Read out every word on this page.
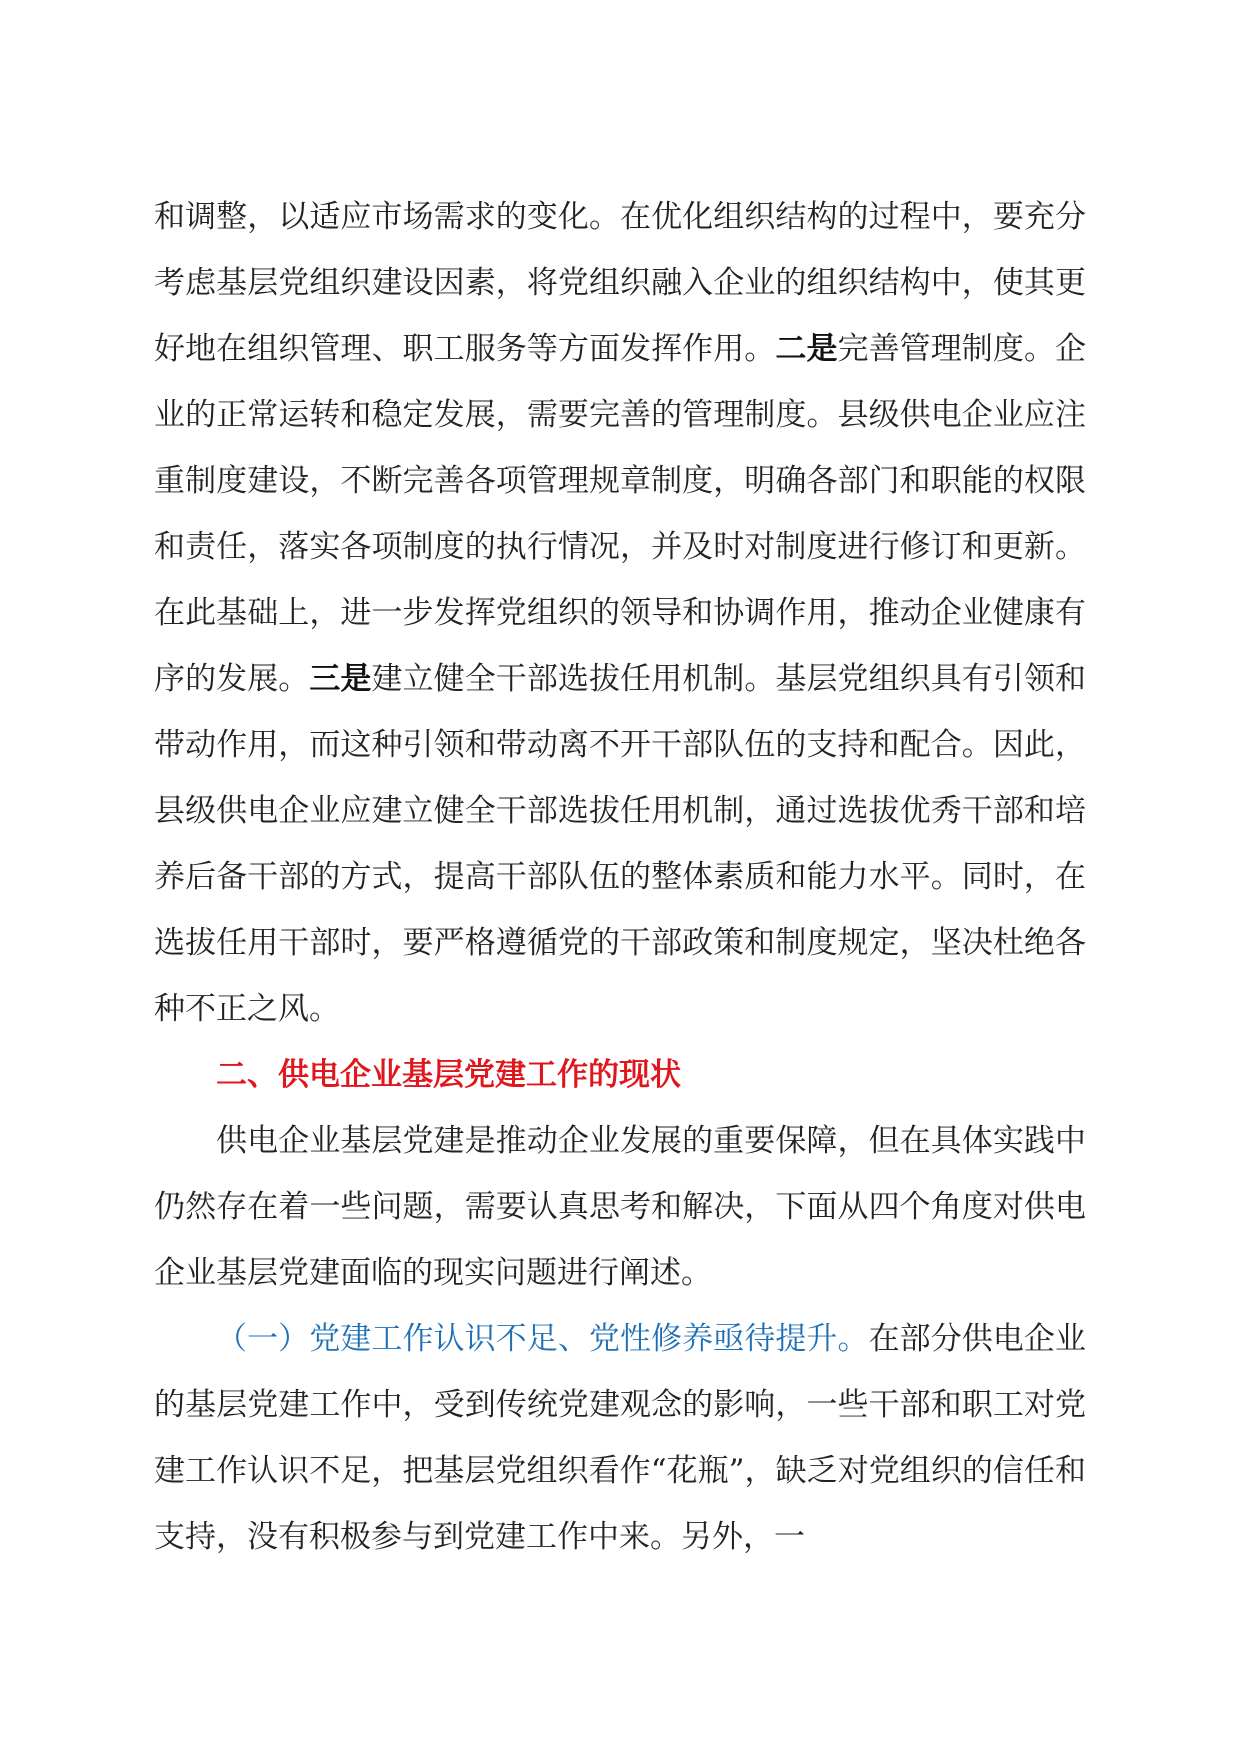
和调整，以适应市场需求的变化。在优化组织结构的过程中，要充分考虑基层党组织建设因素，将党组织融入企业的组织结构中，使其更好地在组织管理、职工服务等方面发挥作用。二是完善管理制度。企业的正常运转和稳定发展，需要完善的管理制度。县级供电企业应注重制度建设，不断完善各项管理规章制度，明确各部门和职能的权限和责任，落实各项制度的执行情况，并及时对制度进行修订和更新。在此基础上，进一步发挥党组织的领导和协调作用，推动企业健康有序的发展。三是建立健全干部选拔任用机制。基层党组织具有引领和带动作用，而这种引领和带动离不开干部队伍的支持和配合。因此，县级供电企业应建立健全干部选拔任用机制，通过选拔优秀干部和培养后备干部的方式，提高干部队伍的整体素质和能力水平。同时，在选拔任用干部时，要严格遵循党的干部政策和制度规定，坚决杜绝各种不正之风。

二、供电企业基层党建工作的现状

供电企业基层党建是推动企业发展的重要保障，但在具体实践中仍然存在着一些问题，需要认真思考和解决，下面从四个角度对供电企业基层党建面临的现实问题进行阐述。

（一）党建工作认识不足、党性修养亟待提升。在部分供电企业的基层党建工作中，受到传统党建观念的影响，一些干部和职工对党建工作认识不足，把基层党组织看作“花瓶”，缺乏对党组织的信任和支持，没有积极参与到党建工作中来。另外，一
